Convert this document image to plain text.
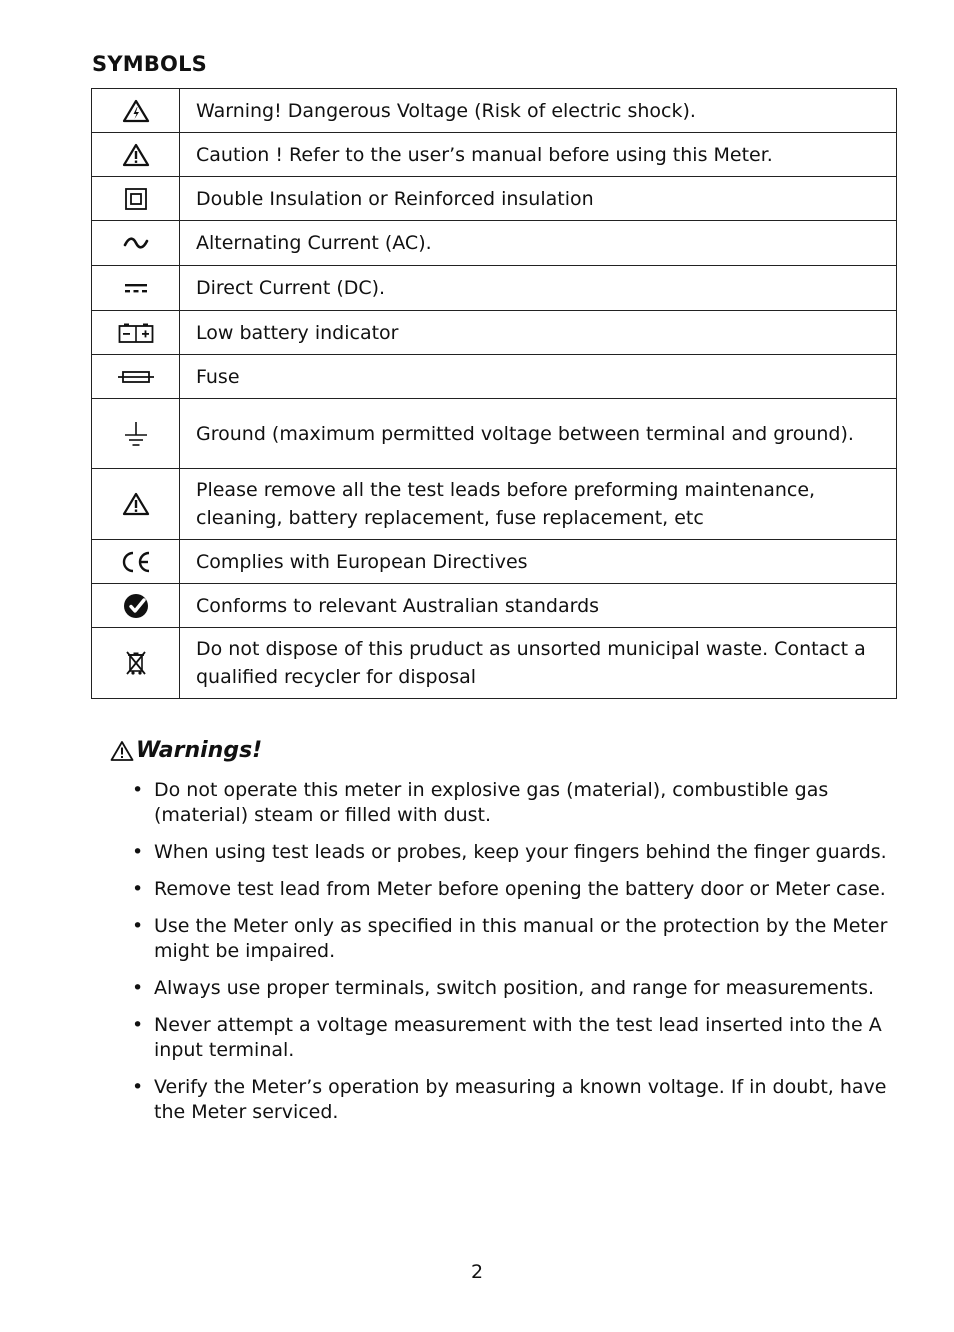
SYMBOLS
	Warning! Dangerous Voltage (Risk of electric shock).

	Caution ! Refer to the user’s manual before using this Meter.

	Double Insulation or Reinforced insulation

	Alternating Current (AC).

	Direct Current (DC).

	Low battery indicator

	Fuse

	Ground (maximum permitted voltage between terminal and ground).

	Please remove all the test leads before preforming maintenance, cleaning, battery replacement, fuse replacement, etc

	Complies with European Directives

	Conforms to relevant Australian standards

	Do not dispose of this pruduct as unsorted municipal waste. Contact a qualified recycler for disposal
Warnings!
• Do not operate this meter in explosive gas (material), combustible gas (material) steam or filled with dust.
• When using test leads or probes, keep your fingers behind the finger guards.
• Remove test lead from Meter before opening the battery door or Meter case.
• Use the Meter only as specified in this manual or the protection by the Meter might be impaired.
• Always use proper terminals, switch position, and range for measurements.
• Never attempt a voltage measurement with the test lead inserted into the A input terminal.
• Verify the Meter’s operation by measuring a known voltage. If in doubt, have the Meter serviced.
2
